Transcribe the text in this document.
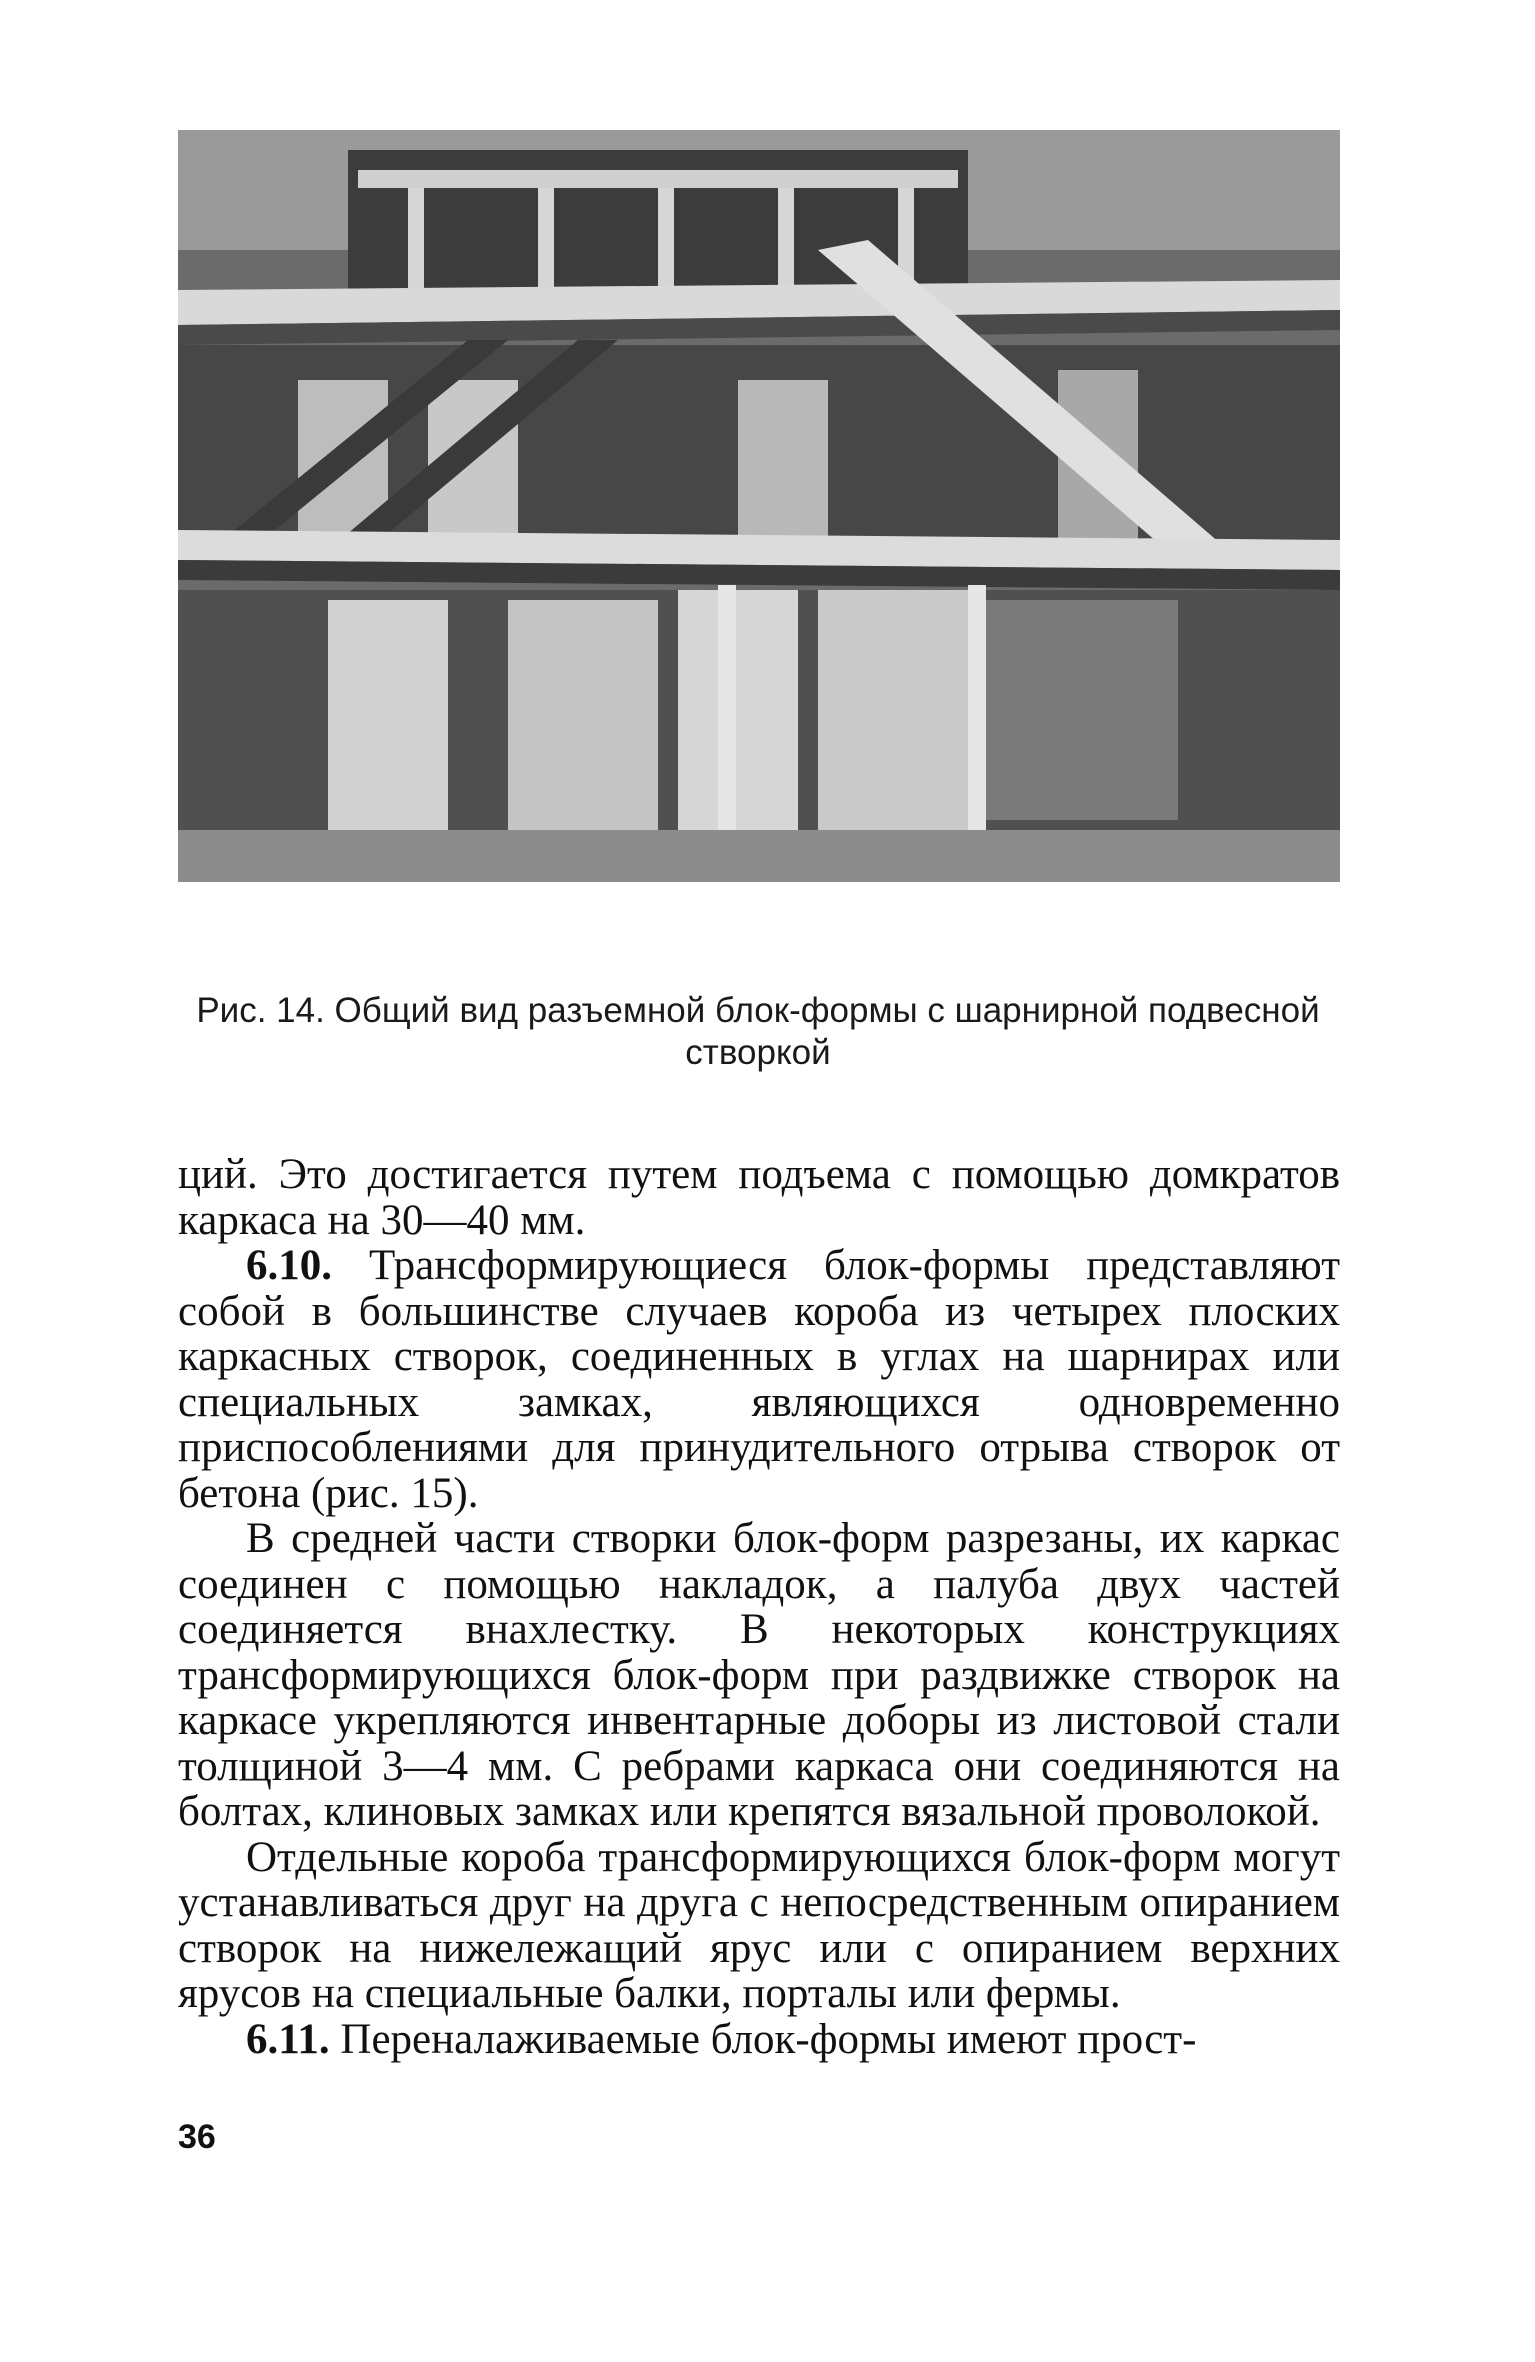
Рис. 14. Общий вид разъемной блок-формы с шарнирной подвесной
створкой

ций. Это достигается путем подъема с помощью домкратов каркаса на 30—40 мм.

6.10. Трансформирующиеся блок-формы представляют собой в большинстве случаев короба из четырех плоских каркасных створок, соединенных в углах на шарнирах или специальных замках, являющихся одновременно приспособлениями для принудительного отрыва створок от бетона (рис. 15).

В средней части створки блок-форм разрезаны, их каркас соединен с помощью накладок, а палуба двух частей соединяется внахлестку. В некоторых конструкциях трансформирующихся блок-форм при раздвижке створок на каркасе укрепляются инвентарные доборы из листовой стали толщиной 3—4 мм. С ребрами каркаса они соединяются на болтах, клиновых замках или крепятся вязальной проволокой.

Отдельные короба трансформирующихся блок-форм могут устанавливаться друг на друга с непосредственным опиранием створок на нижележащий ярус или с опиранием верхних ярусов на специальные балки, порталы или фермы.

6.11. Переналаживаемые блок-формы имеют прост-

36
